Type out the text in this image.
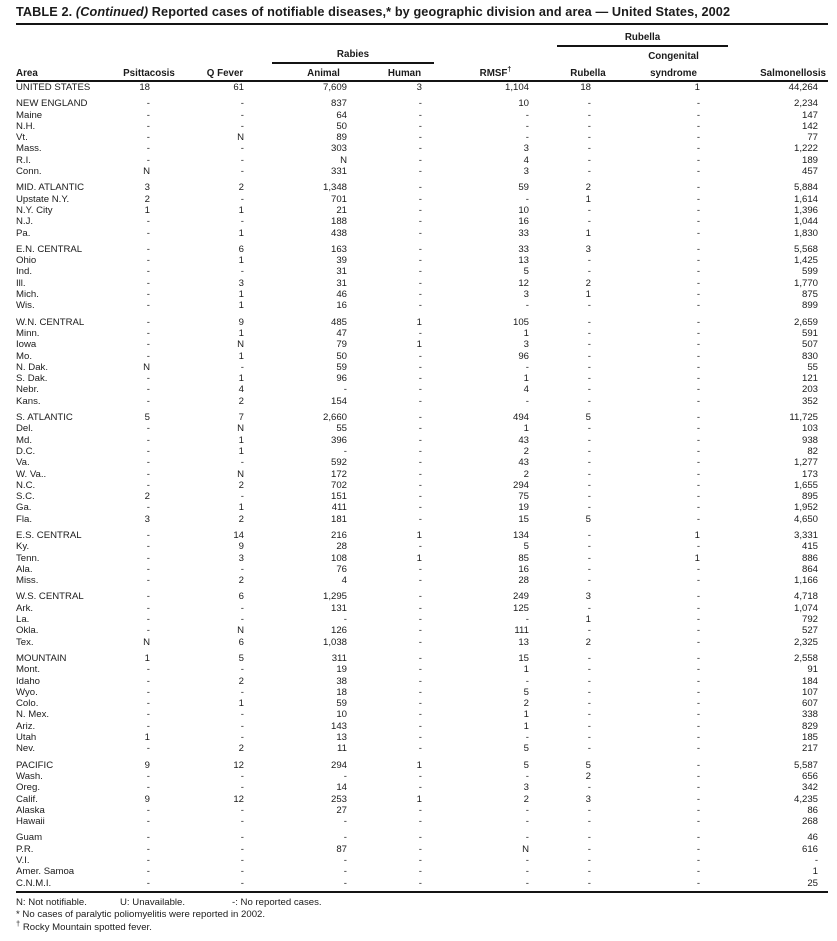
TABLE 2. (Continued) Reported cases of notifiable diseases,* by geographic division and area — United States, 2002
						Rubella		
			Rabies				Congenital	
Area	Psittacosis	Q Fever	Animal	Human	RMSF†	Rubella	syndrome	Salmonellosis
UNITED STATES	18	61	7,609	3	1,104	18	1	44,264
NEW ENGLAND	-	-	837	-	10	-	-	2,234
Maine	-	-	64	-	-	-	-	147
N.H.	-	-	50	-	-	-	-	142
Vt.	-	N	89	-	-	-	-	77
Mass.	-	-	303	-	3	-	-	1,222
R.I.	-	-	N	-	4	-	-	189
Conn.	N	-	331	-	3	-	-	457
MID. ATLANTIC	3	2	1,348	-	59	2	-	5,884
Upstate N.Y.	2	-	701	-	-	1	-	1,614
N.Y. City	1	1	21	-	10	-	-	1,396
N.J.	-	-	188	-	16	-	-	1,044
Pa.	-	1	438	-	33	1	-	1,830
E.N. CENTRAL	-	6	163	-	33	3	-	5,568
Ohio	-	1	39	-	13	-	-	1,425
Ind.	-	-	31	-	5	-	-	599
Ill.	-	3	31	-	12	2	-	1,770
Mich.	-	1	46	-	3	1	-	875
Wis.	-	1	16	-	-	-	-	899
W.N. CENTRAL	-	9	485	1	105	-	-	2,659
Minn.	-	1	47	-	1	-	-	591
Iowa	-	N	79	1	3	-	-	507
Mo.	-	1	50	-	96	-	-	830
N. Dak.	N	-	59	-	-	-	-	55
S. Dak.	-	1	96	-	1	-	-	121
Nebr.	-	4	-	-	4	-	-	203
Kans.	-	2	154	-	-	-	-	352
S. ATLANTIC	5	7	2,660	-	494	5	-	11,725
Del.	-	N	55	-	1	-	-	103
Md.	-	1	396	-	43	-	-	938
D.C.	-	1	-	-	2	-	-	82
Va.	-	-	592	-	43	-	-	1,277
W. Va..	-	N	172	-	2	-	-	173
N.C.	-	2	702	-	294	-	-	1,655
S.C.	2	-	151	-	75	-	-	895
Ga.	-	1	411	-	19	-	-	1,952
Fla.	3	2	181	-	15	5	-	4,650
E.S. CENTRAL	-	14	216	1	134	-	1	3,331
Ky.	-	9	28	-	5	-	-	415
Tenn.	-	3	108	1	85	-	1	886
Ala.	-	-	76	-	16	-	-	864
Miss.	-	2	4	-	28	-	-	1,166
W.S. CENTRAL	-	6	1,295	-	249	3	-	4,718
Ark.	-	-	131	-	125	-	-	1,074
La.	-	-	-	-	-	1	-	792
Okla.	-	N	126	-	111	-	-	527
Tex.	N	6	1,038	-	13	2	-	2,325
MOUNTAIN	1	5	311	-	15	-	-	2,558
Mont.	-	-	19	-	1	-	-	91
Idaho	-	2	38	-	-	-	-	184
Wyo.	-	-	18	-	5	-	-	107
Colo.	-	1	59	-	2	-	-	607
N. Mex.	-	-	10	-	1	-	-	338
Ariz.	-	-	143	-	1	-	-	829
Utah	1	-	13	-	-	-	-	185
Nev.	-	2	11	-	5	-	-	217
PACIFIC	9	12	294	1	5	5	-	5,587
Wash.	-	-	-	-	-	2	-	656
Oreg.	-	-	14	-	3	-	-	342
Calif.	9	12	253	1	2	3	-	4,235
Alaska	-	-	27	-	-	-	-	86
Hawaii	-	-	-	-	-	-	-	268
Guam	-	-	-	-	-	-	-	46
P.R.	-	-	87	-	N	-	-	616
V.I.	-	-	-	-	-	-	-	-
Amer. Samoa	-	-	-	-	-	-	-	1
C.N.M.I.	-	-	-	-	-	-	-	25
N: Not notifiable.	U: Unavailable.	-: No reported cases.
* No cases of paralytic poliomyelitis were reported in 2002.
† Rocky Mountain spotted fever.
